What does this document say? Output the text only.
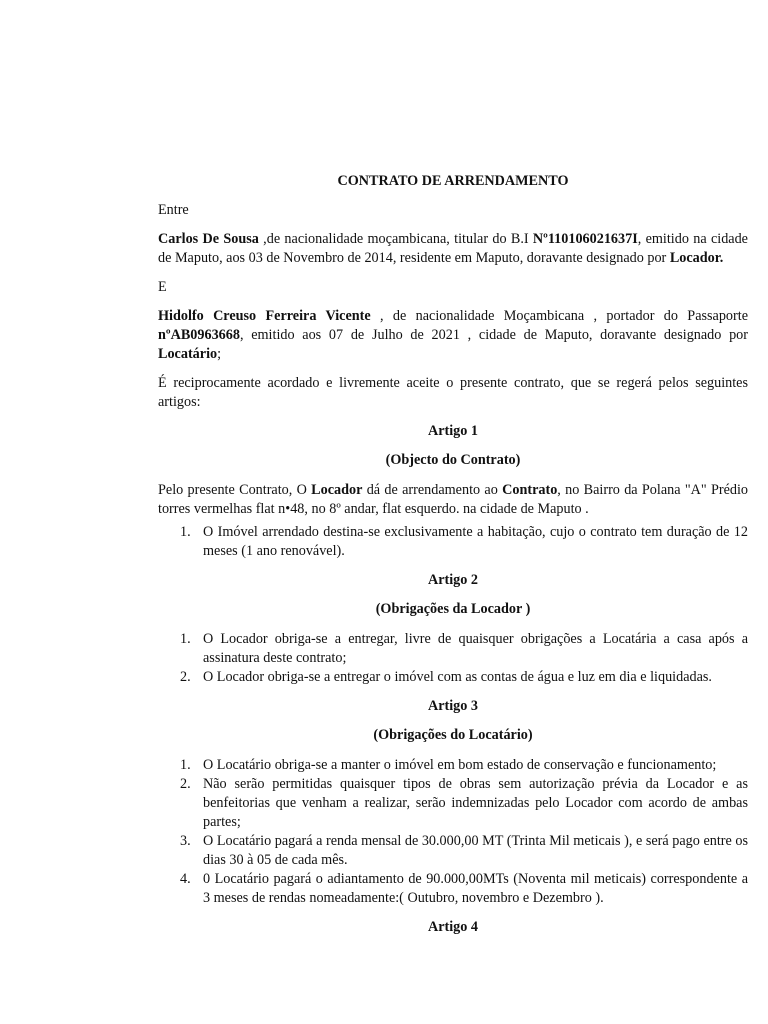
CONTRATO DE ARRENDAMENTO
Entre
Carlos De Sousa ,de nacionalidade moçambicana, titular do B.I Nº110106021637I, emitido na cidade de Maputo, aos 03 de Novembro de 2014, residente em Maputo, doravante designado por Locador.
E
Hidolfo Creuso Ferreira Vicente , de nacionalidade Moçambicana , portador do Passaporte nºAB0963668, emitido aos 07 de Julho de 2021 , cidade de Maputo, doravante designado por Locatário;
É reciprocamente acordado e livremente aceite o presente contrato, que se regerá pelos seguintes artigos:
Artigo 1
(Objecto do Contrato)
Pelo presente Contrato, O Locador dá de arrendamento ao Contrato, no Bairro da Polana "A" Prédio torres vermelhas flat n•48, no 8º andar, flat esquerdo. na cidade de Maputo .
1. O Imóvel arrendado destina-se exclusivamente a habitação, cujo o contrato tem duração de 12 meses (1 ano renovável).
Artigo 2
(Obrigações da Locador )
1. O Locador obriga-se a entregar, livre de quaisquer obrigações a Locatária a casa após a assinatura deste contrato;
2. O Locador obriga-se a entregar o imóvel com as contas de água e luz em dia e liquidadas.
Artigo 3
(Obrigações do Locatário)
1. O Locatário obriga-se a manter o imóvel em bom estado de conservação e funcionamento;
2. Não serão permitidas quaisquer tipos de obras sem autorização prévia da Locador e as benfeitorias que venham a realizar, serão indemnizadas pelo Locador com acordo de ambas partes;
3. O Locatário pagará a renda mensal de 30.000,00 MT (Trinta Mil meticais ), e será pago entre os dias 30 à 05 de cada mês.
4. 0 Locatário pagará o adiantamento de 90.000,00MTs (Noventa mil meticais) correspondente a 3 meses de rendas nomeadamente:( Outubro, novembro e Dezembro ).
Artigo 4
